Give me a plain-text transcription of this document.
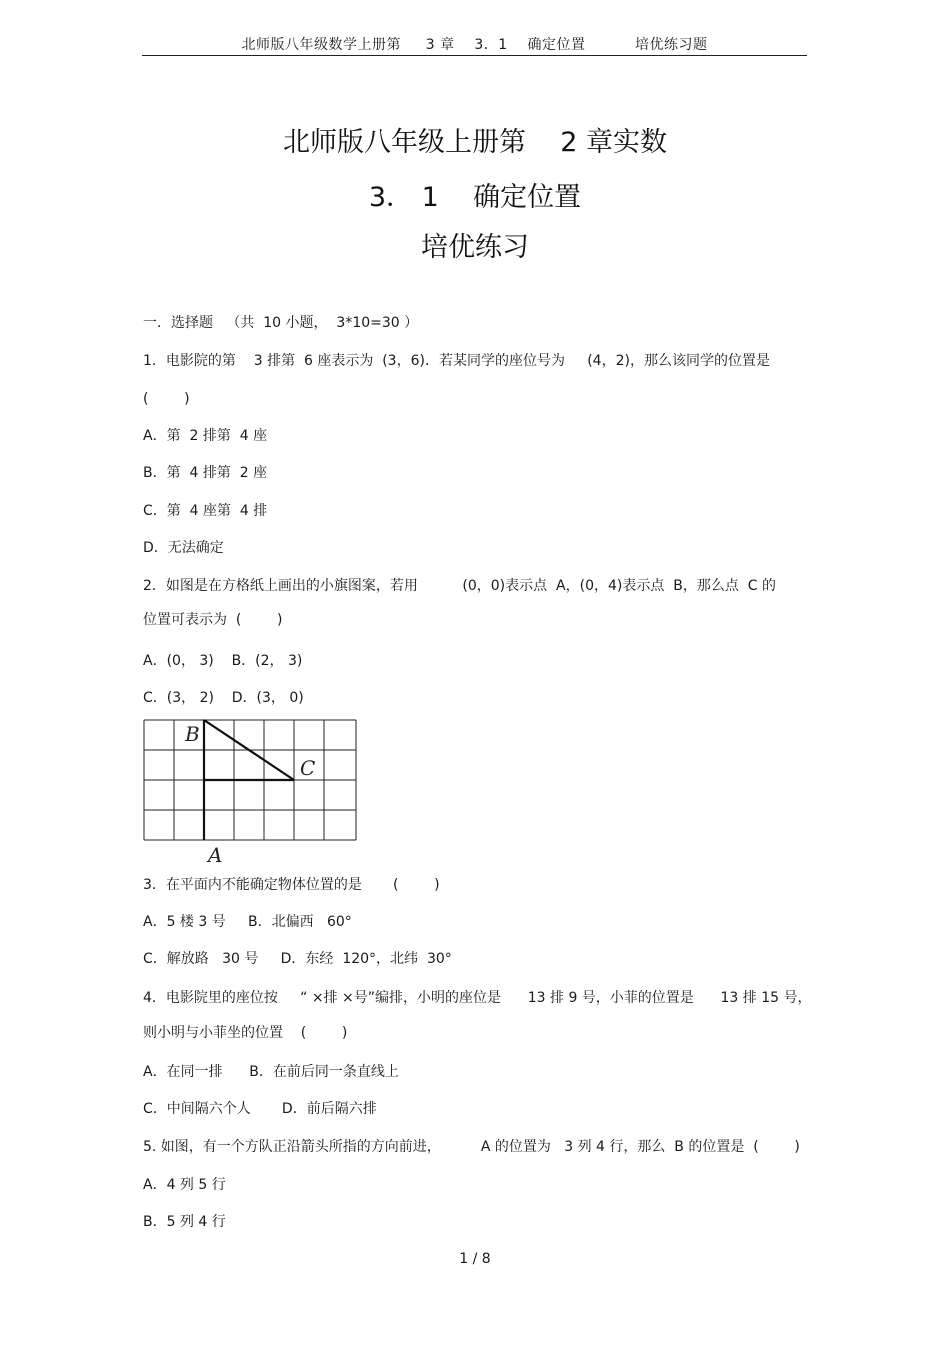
北师版八年级数学上册第     3 章    3．1    确定位置          培优练习题
北师版八年级上册第    2 章实数
3． 1    确定位置
培优练习
一．选择题   （共  10 小题，  3*10=30 ）
1．电影院的第    3 排第  6 座表示为  (3，6)．若某同学的座位号为     (4，2)，那么该同学的位置是
(        )
A．第  2 排第  4 座
B．第  4 排第  2 座
C．第  4 座第  4 排
D．无法确定
2．如图是在方格纸上画出的小旗图案，若用          (0，0)表示点  A，(0，4)表示点  B，那么点  C 的
位置可表示为  (        )
A．(0， 3)    B．(2， 3)
C．(3， 2)    D．(3， 0)
B
C
A
3．在平面内不能确定物体位置的是       (        )
A．5 楼 3 号     B．北偏西   60°
C．解放路   30 号     D．东经  120°，北纬  30°
4．电影院里的座位按     “ ×排 ×号”编排，小明的座位是      13 排 9 号，小菲的位置是      13 排 15 号，
则小明与小菲坐的位置    (        )
A．在同一排      B．在前后同一条直线上
C．中间隔六个人       D．前后隔六排
5. 如图，有一个方队正沿箭头所指的方向前进，         A 的位置为   3 列 4 行，那么  B 的位置是  (        )
A．4 列 5 行
B．5 列 4 行
1 / 8
